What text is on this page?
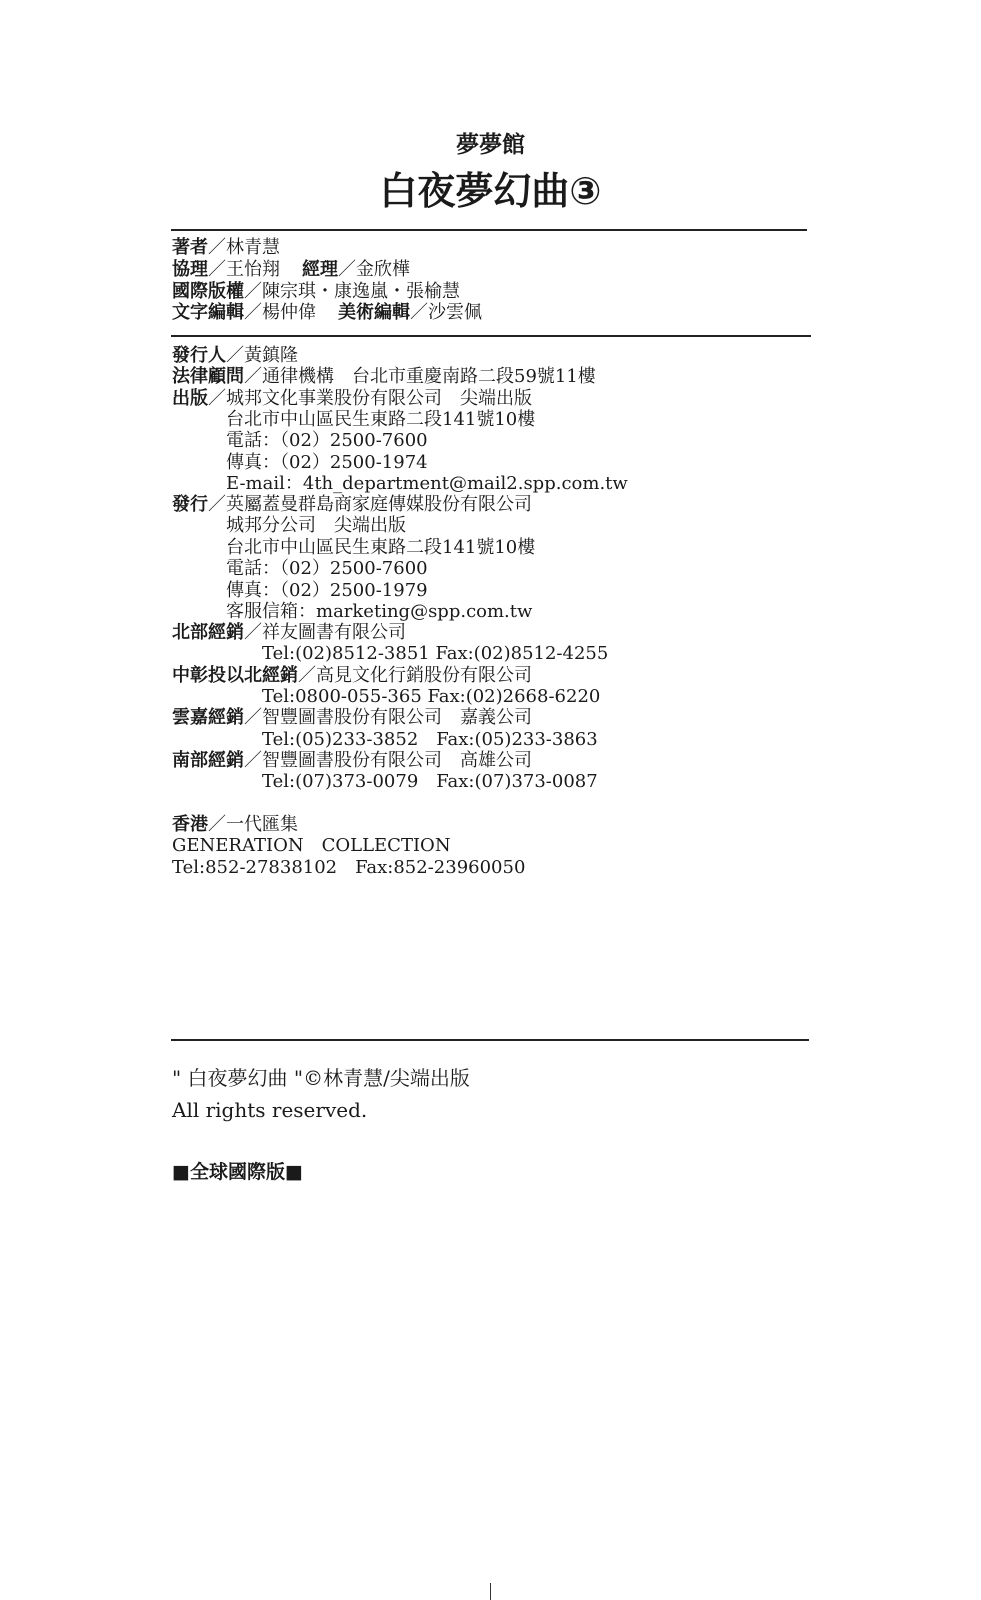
夢夢館
白夜夢幻曲③
著者／林青慧
協理／王怡翔 經理／金欣樺
國際版權／陳宗琪・康逸嵐・張榆慧
文字編輯／楊仲偉 美術編輯／沙雲佩
發行人／黃鎮隆
法律顧問／通律機構　台北市重慶南路二段59號11樓
出版／城邦文化事業股份有限公司　尖端出版
台北市中山區民生東路二段141號10樓
電話：（02）2500-7600
傳真：（02）2500-1974
E-mail：4th_department@mail2.spp.com.tw
發行／英屬蓋曼群島商家庭傳媒股份有限公司
城邦分公司　尖端出版
台北市中山區民生東路二段141號10樓
電話：（02）2500-7600
傳真：（02）2500-1979
客服信箱：marketing@spp.com.tw
北部經銷／祥友圖書有限公司
Tel:(02)8512-3851 Fax:(02)8512-4255
中彰投以北經銷／高見文化行銷股份有限公司
Tel:0800-055-365 Fax:(02)2668-6220
雲嘉經銷／智豐圖書股份有限公司　嘉義公司
Tel:(05)233-3852　Fax:(05)233-3863
南部經銷／智豐圖書股份有限公司　高雄公司
Tel:(07)373-0079　Fax:(07)373-0087
香港／一代匯集
GENERATION　COLLECTION
Tel:852-27838102　Fax:852-23960050
" 白夜夢幻曲 "©林青慧/尖端出版
All rights reserved.
■全球國際版■
